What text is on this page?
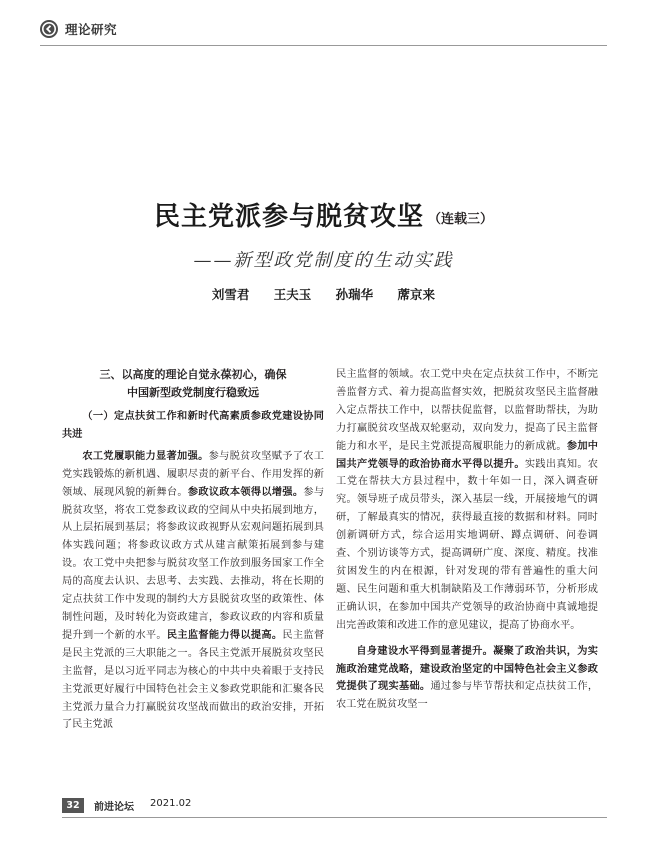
理论研究
民主党派参与脱贫攻坚 （连载三）
——新型政党制度的生动实践
刘雪君 王夫玉 孙瑞华 蓆京来
三、以高度的理论自觉永葆初心，确保
中国新型政党制度行稳致远
（一）定点扶贫工作和新时代高素质参政党建设协同共进

农工党履职能力显著加强。参与脱贫攻坚赋予了农工党实践锻炼的新机遇、履职尽责的新平台、作用发挥的新领域、展现风貌的新舞台。参政议政本领得以增强。参与脱贫攻坚，将农工党参政议政的空间从中央拓展到地方，从上层拓展到基层；将参政议政视野从宏观问题拓展到具体实践问题；将参政议政方式从建言献策拓展到参与建设。农工党中央把参与脱贫攻坚工作放到服务国家工作全局的高度去认识、去思考、去实践、去推动，将在长期的定点扶贫工作中发现的制约大方县脱贫攻坚的政策性、体制性问题，及时转化为资政建言，参政议政的内容和质量提升到一个新的水平。民主监督能力得以提高。民主监督是民主党派的三大职能之一。各民主党派开展脱贫攻坚民主监督，是以习近平同志为核心的中共中央着眼于支持民主党派更好履行中国特色社会主义参政党职能和汇聚各民主党派力量合力打赢脱贫攻坚战而做出的政治安排，开拓了民主党派

民主监督的领域。农工党中央在定点扶贫工作中，不断完善监督方式、着力提高监督实效，把脱贫攻坚民主监督融入定点帮扶工作中，以帮扶促监督，以监督助帮扶，为助力打赢脱贫攻坚战双轮驱动，双向发力，提高了民主监督能力和水平，是民主党派提高履职能力的新成就。参加中国共产党领导的政治协商水平得以提升。实践出真知。农工党在帮扶大方县过程中，数十年如一日，深入调查研究。领导班子成员带头，深入基层一线，开展接地气的调研，了解最真实的情况，获得最直接的数据和材料。同时创新调研方式，综合运用实地调研、蹲点调研、问卷调查、个别访谈等方式，提高调研广度、深度、精度。找准贫困发生的内在根源，针对发现的带有普遍性的重大问题、民生问题和重大机制缺陷及工作薄弱环节，分析形成正确认识，在参加中国共产党领导的政治协商中真诚地提出完善政策和改进工作的意见建议，提高了协商水平。

自身建设水平得到显著提升。凝聚了政治共识，为实施政治建党战略，建设政治坚定的中国特色社会主义参政党提供了现实基础。通过参与毕节帮扶和定点扶贫工作，农工党在脱贫攻坚一

32	前进论坛 2021.02
